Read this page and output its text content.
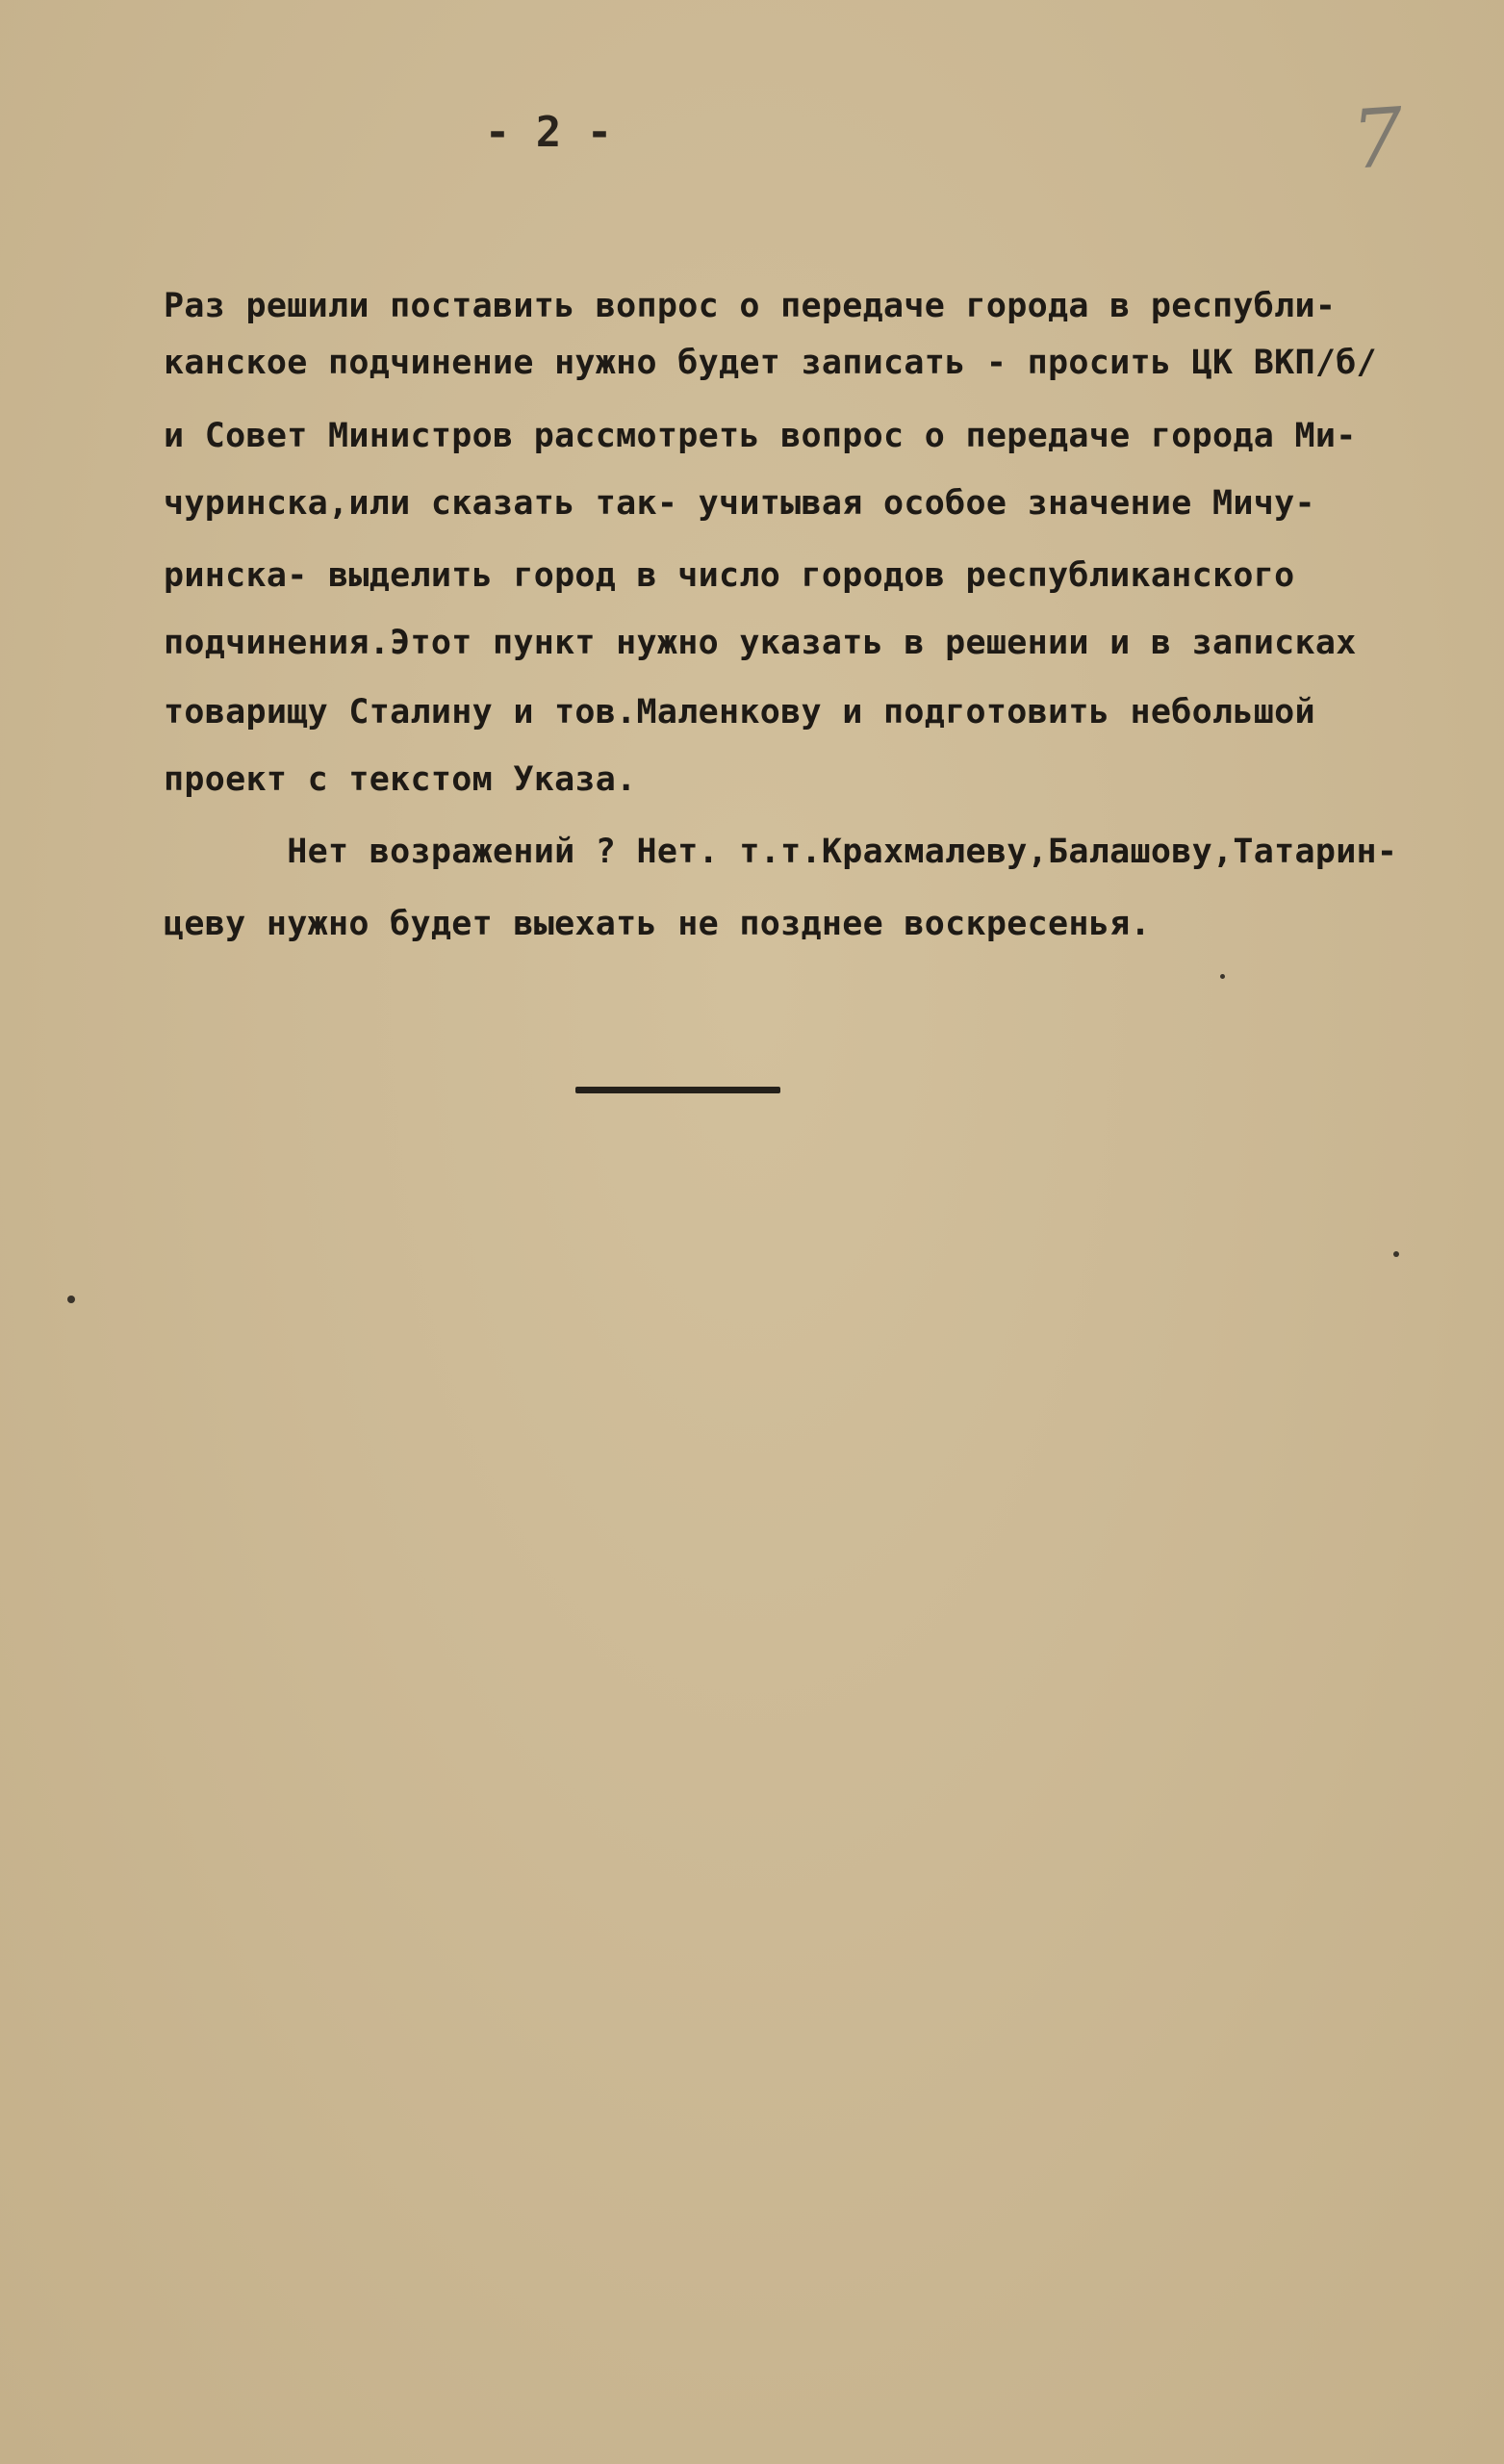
- 2 -	7
Раз решили поставить вопрос о передаче города в республи-
канское подчинение нужно будет записать - просить ЦК ВКП/б/
и Совет Министров рассмотреть вопрос о передаче города Ми-
чуринска,или сказать так- учитывая особое значение Мичу-
ринска- выделить город в число городов республиканского
подчинения.Этот пункт нужно указать в решении и в записках
товарищу Сталину и тов.Маленкову и подготовить небольшой
проект с текстом Указа.
Нет возражений ? Нет. т.т.Крахмалеву,Балашову,Татарин-
цеву нужно будет выехать не позднее воскресенья.
